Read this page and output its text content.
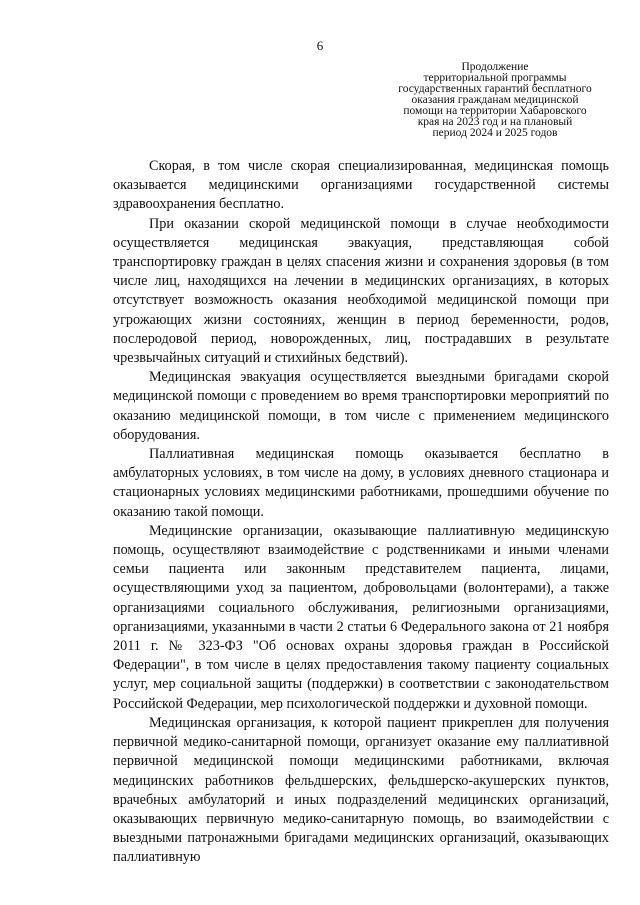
6
Продолжение
территориальной программы
государственных гарантий бесплатного
оказания гражданам медицинской
помощи на территории Хабаровского
края на 2023 год и на плановый
период 2024 и 2025 годов

Скорая, в том числе скорая специализированная, медицинская помощь оказывается медицинскими организациями государственной системы здравоохранения бесплатно.

При оказании скорой медицинской помощи в случае необходимости осуществляется медицинская эвакуация, представляющая собой транспортировку граждан в целях спасения жизни и сохранения здоровья (в том числе лиц, находящихся на лечении в медицинских организациях, в которых отсутствует возможность оказания необходимой медицинской помощи при угрожающих жизни состояниях, женщин в период беременности, родов, послеродовой период, новорожденных, лиц, пострадавших в результате чрезвычайных ситуаций и стихийных бедствий).

Медицинская эвакуация осуществляется выездными бригадами скорой медицинской помощи с проведением во время транспортировки мероприятий по оказанию медицинской помощи, в том числе с применением медицинского оборудования.

Паллиативная медицинская помощь оказывается бесплатно в амбулаторных условиях, в том числе на дому, в условиях дневного стационара и стационарных условиях медицинскими работниками, прошедшими обучение по оказанию такой помощи.

Медицинские организации, оказывающие паллиативную медицинскую помощь, осуществляют взаимодействие с родственниками и иными членами семьи пациента или законным представителем пациента, лицами, осуществляющими уход за пациентом, добровольцами (волонтерами), а также организациями социального обслуживания, религиозными организациями, организациями, указанными в части 2 статьи 6 Федерального закона от 21 ноября 2011 г. № 323-ФЗ "Об основах охраны здоровья граждан в Российской Федерации", в том числе в целях предоставления такому пациенту социальных услуг, мер социальной защиты (поддержки) в соответствии с законодательством Российской Федерации, мер психологической поддержки и духовной помощи.

Медицинская организация, к которой пациент прикреплен для получения первичной медико-санитарной помощи, организует оказание ему паллиативной первичной медицинской помощи медицинскими работниками, включая медицинских работников фельдшерских, фельдшерско-акушерских пунктов, врачебных амбулаторий и иных подразделений медицинских организаций, оказывающих первичную медико-санитарную помощь, во взаимодействии с выездными патронажными бригадами медицинских организаций, оказывающих паллиативную
